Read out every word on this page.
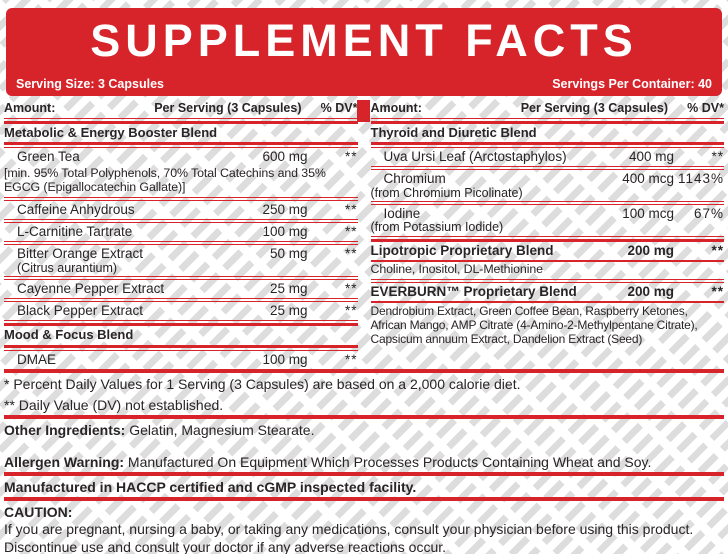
SUPPLEMENT FACTS
Serving Size: 3 Capsules	Servings Per Container: 40
Amount:	Per Serving (3 Capsules)	% DV*
Metabolic & Energy Booster Blend
Green Tea	600 mg	**
[min. 95% Total Polyphenols, 70% Total Catechins and 35% EGCG (Epigallocatechin Gallate)]
Caffeine Anhydrous	250 mg	**
L-Carnitine Tartrate	100 mg	**
Bitter Orange Extract	50 mg	**
(Citrus aurantium)
Cayenne Pepper Extract	25 mg	**
Black Pepper Extract	25 mg	**
Mood & Focus Blend
DMAE	100 mg	**
Amount:	Per Serving (3 Capsules)	% DV*
Thyroid and Diuretic Blend
Uva Ursi Leaf (Arctostaphylos)	400 mg	**
Chromium	400 mcg 1143%
(from Chromium Picolinate)
Iodine	100 mcg	67%
(from Potassium Iodide)
Lipotropic Proprietary Blend	200 mg	**
Choline, Inositol, DL-Methionine
EVERBURN™ Proprietary Blend	200 mg	**
Dendrobium Extract, Green Coffee Bean, Raspberry Ketones, African Mango, AMP Citrate (4-Amino-2-Methylpentane Citrate), Capsicum annuum Extract, Dandelion Extract (Seed)
* Percent Daily Values for 1 Serving (3 Capsules) are based on a 2,000 calorie diet.
** Daily Value (DV) not established.
Other Ingredients: Gelatin, Magnesium Stearate.
Allergen Warning: Manufactured On Equipment Which Processes Products Containing Wheat and Soy.
Manufactured in HACCP certified and cGMP inspected facility.
CAUTION:
If you are pregnant, nursing a baby, or taking any medications, consult your physician before using this product. Discontinue use and consult your doctor if any adverse reactions occur.
